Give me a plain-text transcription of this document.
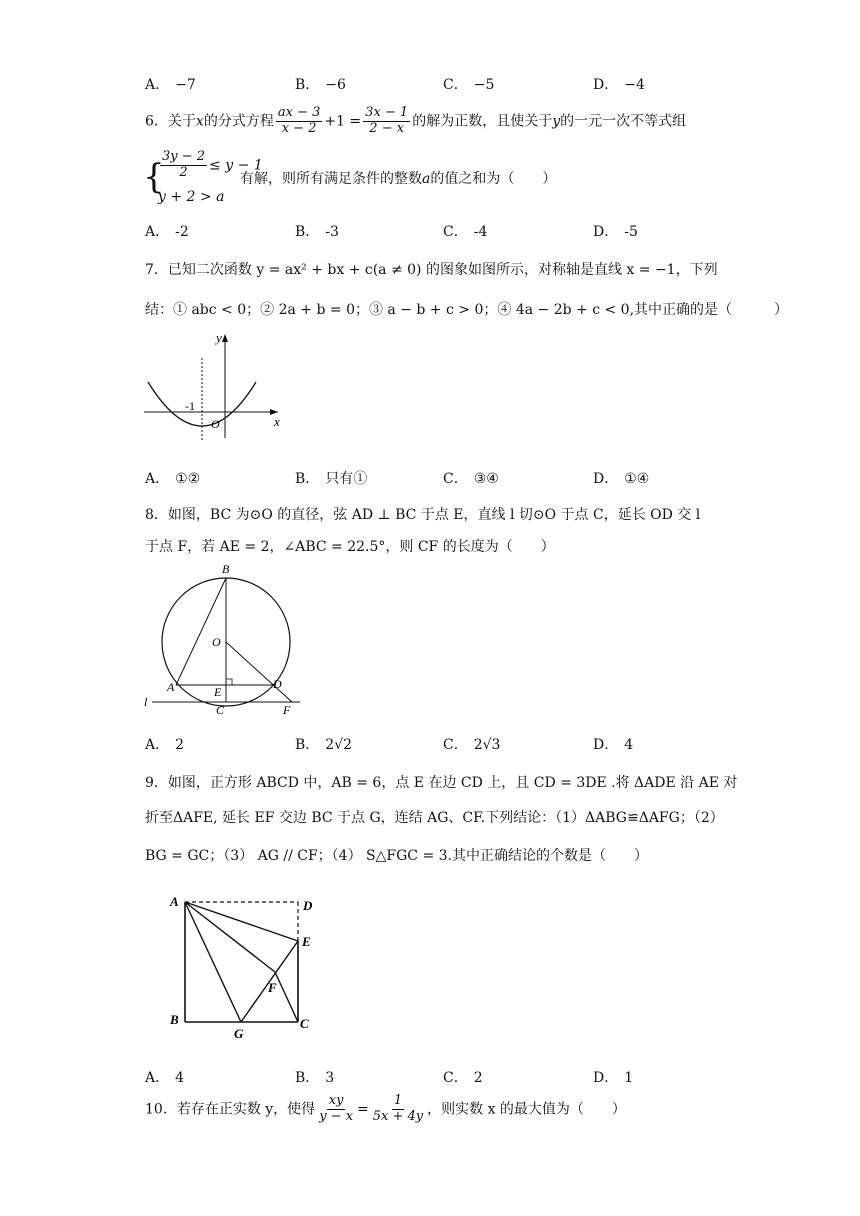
A． −7	B． −6	C． −5	D． −4
6．关于x的分式方程 $\frac{ax - 3}{x - 2} +1 = \frac{3x - 1}{2 - x}$ 的解为正数，且使关于y的一元一次不等式组
{
$\frac{3y - 2}{2} \le y - 1$
有解，则所有满足条件的整数a的值之和为（　　）
y + 2 > a
A． -2	B． -3	C． -4	D． -5
7．已知二次函数 y = ax² + bx + c(a ≠ 0) 的图象如图所示，对称轴是直线 x = −1，下列
结：① abc < 0；② 2a + b = 0；③ a − b + c > 0；④ 4a − 2b + c < 0,其中正确的是（　　　）
y
x
-1
O
A． ①②	B． 只有①	C． ③④	D． ①④
8．如图，BC 为⊙O 的直径，弦 AD ⊥ BC 于点 E，直线 l 切⊙O 于点 C，延长 OD 交 l
于点 F，若 AE = 2，∠ABC = 22.5°，则 CF 的长度为（　　）
B
O
A	E
D
C	F
l
A． 2	B． 2√2	C． 2√3	D． 4
9．如图，正方形 ABCD 中，AB = 6，点 E 在边 CD 上，且 CD = 3DE .将 ΔADE 沿 AE 对
折至ΔAFE, 延长 EF 交边 BC 于点 G，连结 AG、CF.下列结论：（1）ΔABG≌ΔAFG；（2）
BG = GC；（3） AG // CF；（4） S△FGC = 3.其中正确结论的个数是（　　）
A	D
E
F
B
G
C
A． 4	B． 3	C． 2	D． 1
10．若存在正实数 y，使得 $\frac{xy}{y - x} = \frac{1}{5x + 4y}$ ，则实数 x 的最大值为（　　）
